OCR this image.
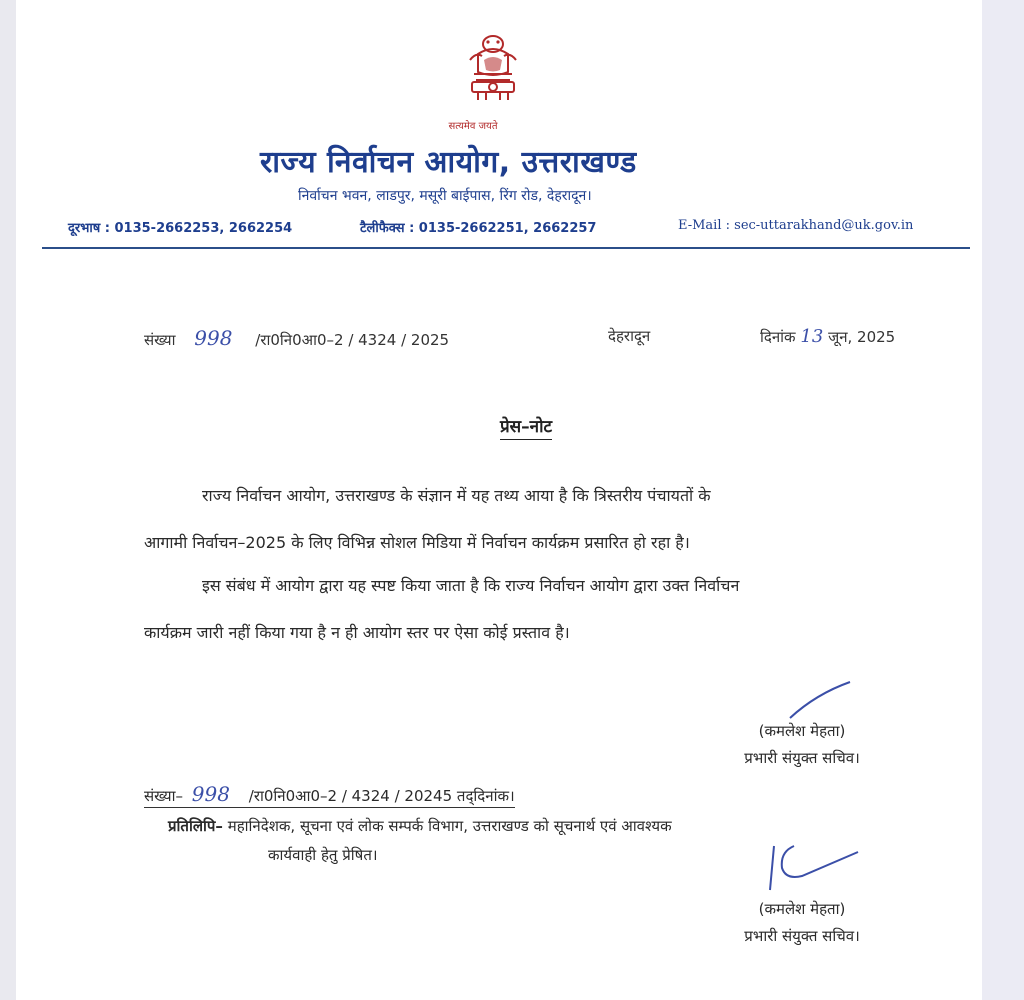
सत्यमेव जयते
राज्य निर्वाचन आयोग, उत्तराखण्ड
निर्वाचन भवन, लाडपुर, मसूरी बाईपास, रिंग रोड, देहरादून।
दूरभाष : 0135-2662253, 2662254	टैलीफैक्स : 0135-2662251, 2662257	E-Mail : sec-uttarakhand@uk.gov.in
संख्या 998 /रा0नि0आ0–2 / 4324 / 2025	देहरादून	दिनांक 13 जून, 2025
प्रेस–नोट
राज्य निर्वाचन आयोग, उत्तराखण्ड के संज्ञान में यह तथ्य आया है कि त्रिस्तरीय पंचायतों के
आगामी निर्वाचन–2025 के लिए विभिन्न सोशल मिडिया में निर्वाचन कार्यक्रम प्रसारित हो रहा है।
इस संबंध में आयोग द्वारा यह स्पष्ट किया जाता है कि राज्य निर्वाचन आयोग द्वारा उक्त निर्वाचन
कार्यक्रम जारी नहीं किया गया है न ही आयोग स्तर पर ऐसा कोई प्रस्ताव है।
(कमलेश मेहता)
प्रभारी संयुक्त सचिव।
संख्या– 998 /रा0नि0आ0–2 / 4324 / 20245 तद्‌दिनांक।
प्रतिलिपि– महानिदेशक, सूचना एवं लोक सम्पर्क विभाग, उत्तराखण्ड को सूचनार्थ एवं आवश्यक
कार्यवाही हेतु प्रेषित।
(कमलेश मेहता)
प्रभारी संयुक्त सचिव।
